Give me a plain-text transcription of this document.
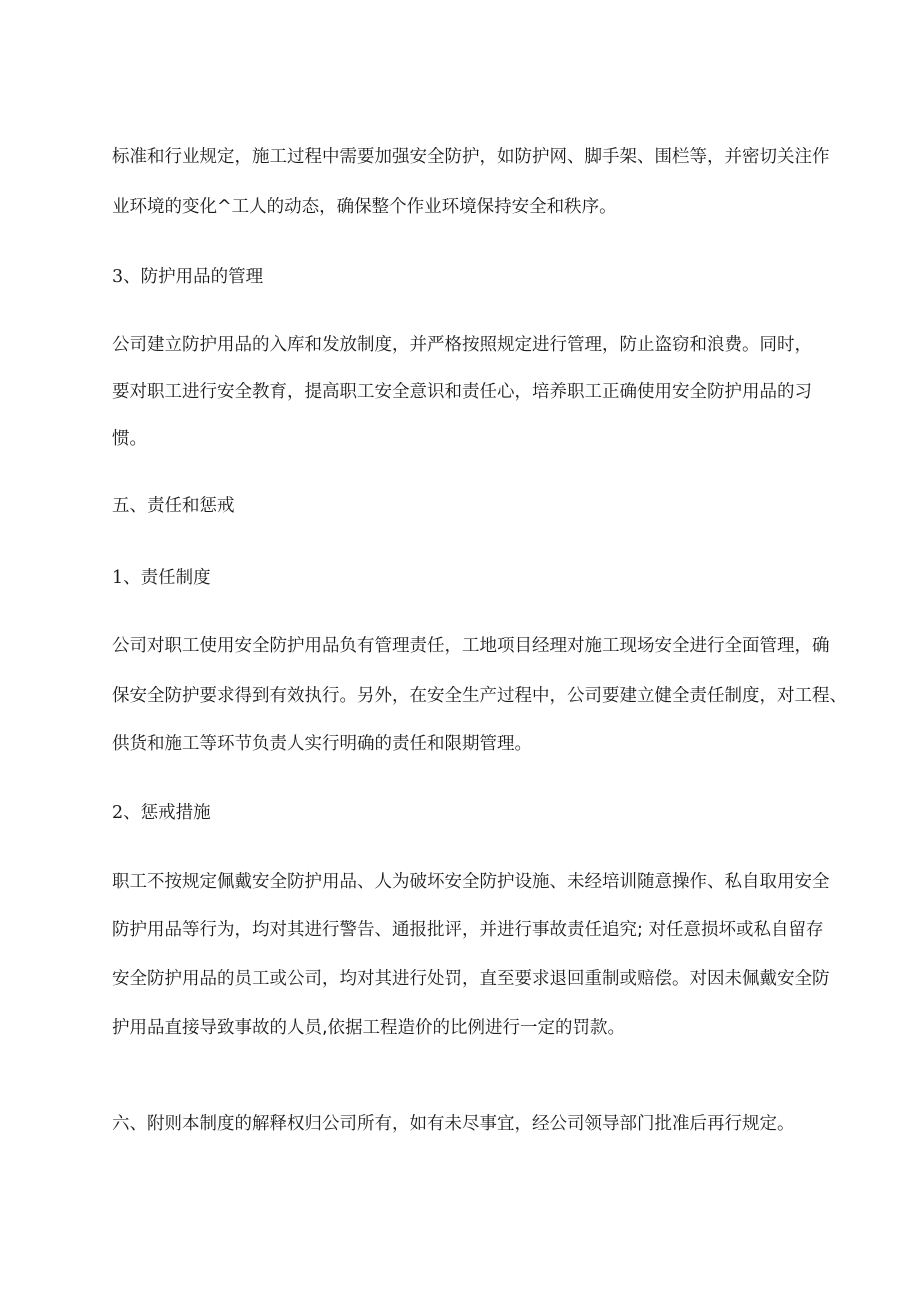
标准和行业规定，施工过程中需要加强安全防护，如防护网、脚手架、围栏等，并密切关注作
业环境的变化^工人的动态，确保整个作业环境保持安全和秩序。
3、防护用品的管理
公司建立防护用品的入库和发放制度，并严格按照规定进行管理，防止盗窃和浪费。同时，
要对职工进行安全教育，提高职工安全意识和责任心，培养职工正确使用安全防护用品的习
惯。
五、责任和惩戒
1、责任制度
公司对职工使用安全防护用品负有管理责任，工地项目经理对施工现场安全进行全面管理，确
保安全防护要求得到有效执行。另外，在安全生产过程中，公司要建立健全责任制度，对工程、
供货和施工等环节负责人实行明确的责任和限期管理。
2、惩戒措施
职工不按规定佩戴安全防护用品、人为破坏安全防护设施、未经培训随意操作、私自取用安全
防护用品等行为，均对其进行警告、通报批评，并进行事故责任追究; 对任意损坏或私自留存
安全防护用品的员工或公司，均对其进行处罚，直至要求退回重制或赔偿。对因未佩戴安全防
护用品直接导致事故的人员,依据工程造价的比例进行一定的罚款。
六、附则本制度的解释权归公司所有，如有未尽事宜，经公司领导部门批准后再行规定。
